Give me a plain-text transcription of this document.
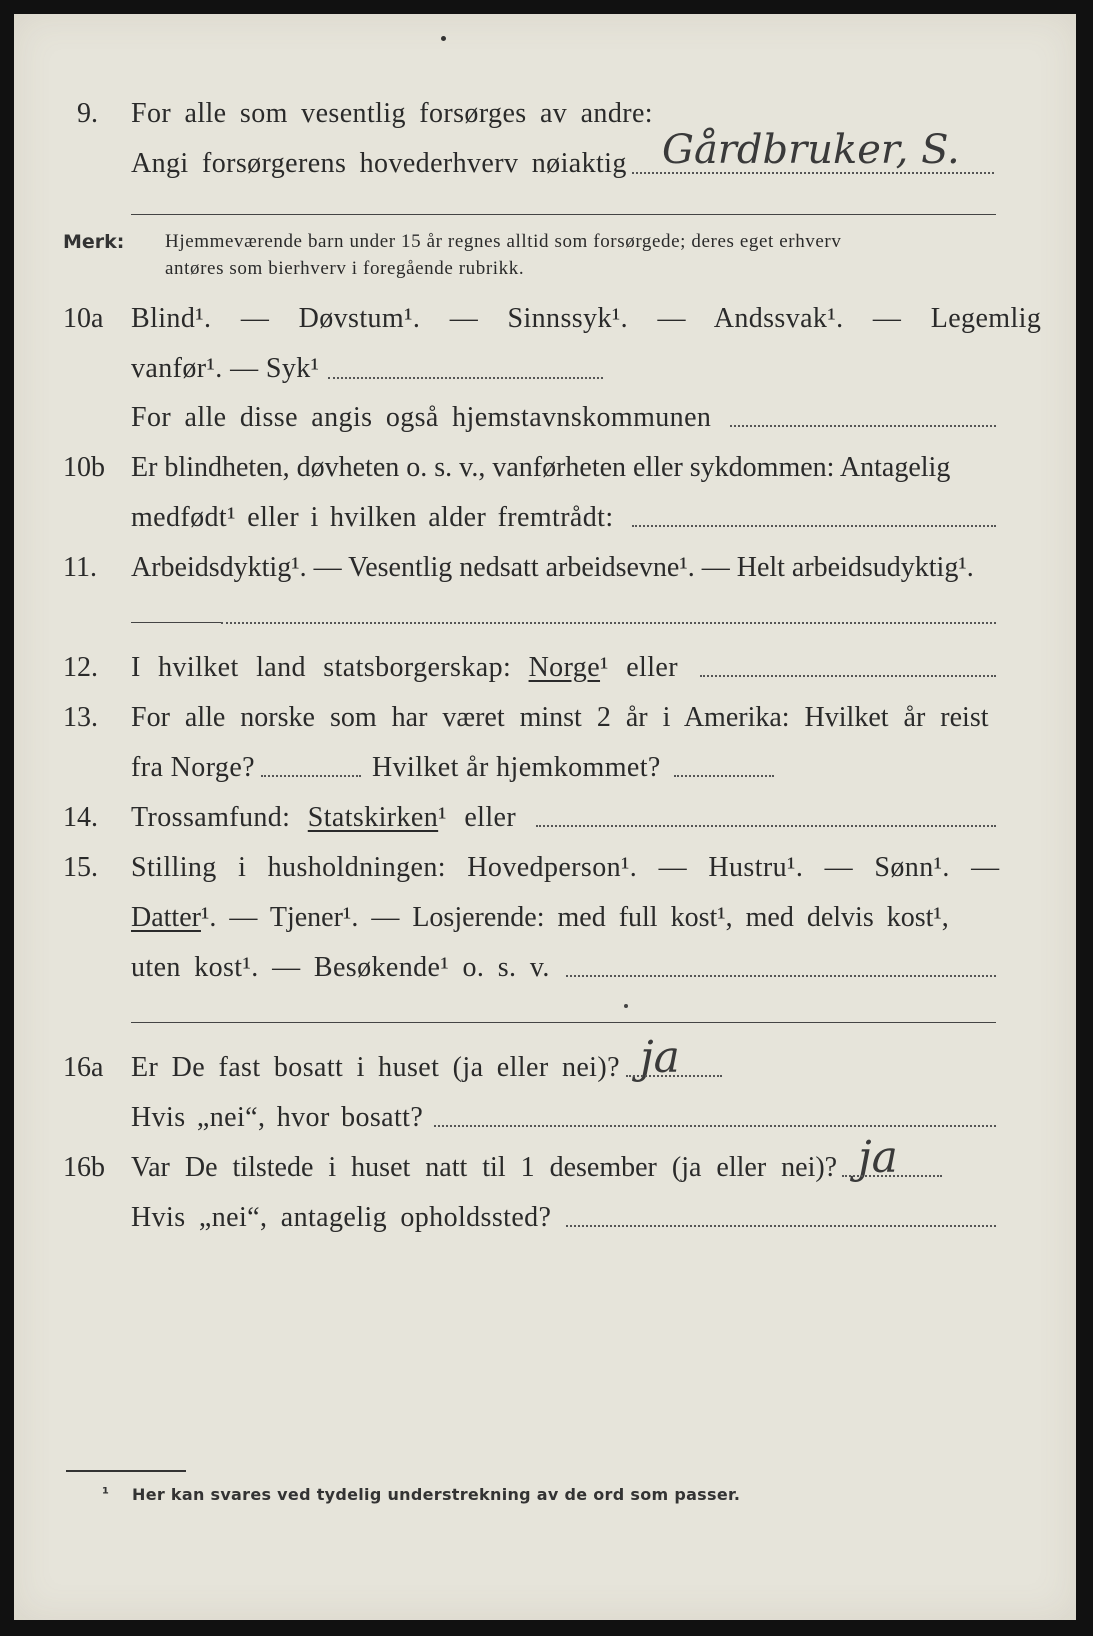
9. For alle som vesentlig forsørges av andre:
Angi forsørgerens hovederhverv nøiaktig Gårdbruker, S.
Merk: Hjemmeværende barn under 15 år regnes alltid som forsørgede; deres eget erhverv
antøres som bierhverv i foregående rubrikk.
10a Blind¹. — Døvstum¹. — Sinnssyk¹. — Andssvak¹. — Legemlig
vanfør¹. — Syk¹
For alle disse angis også hjemstavnskommunen
10b Er blindheten, døvheten o. s. v., vanførheten eller sykdommen: Antagelig
medfødt¹ eller i hvilken alder fremtrådt:
11. Arbeidsdyktig¹. — Vesentlig nedsatt arbeidsevne¹. — Helt arbeidsudyktig¹.
12. I hvilket land statsborgerskap: Norge¹ eller
13. For alle norske som har været minst 2 år i Amerika: Hvilket år reist
fra Norge?	Hvilket år hjemkommet?
14. Trossamfund: Statskirken¹ eller
15. Stilling i husholdningen: Hovedperson¹. — Hustru¹. — Sønn¹. —
Datter¹. — Tjener¹. — Losjerende: med full kost¹, med delvis kost¹,
uten kost¹. — Besøkende¹ o. s. v.
16a Er De fast bosatt i huset (ja eller nei)? ja
Hvis „nei“, hvor bosatt?
16b Var De tilstede i huset natt til 1 desember (ja eller nei)? ja
Hvis „nei“, antagelig opholdssted?
¹ Her kan svares ved tydelig understrekning av de ord som passer.
